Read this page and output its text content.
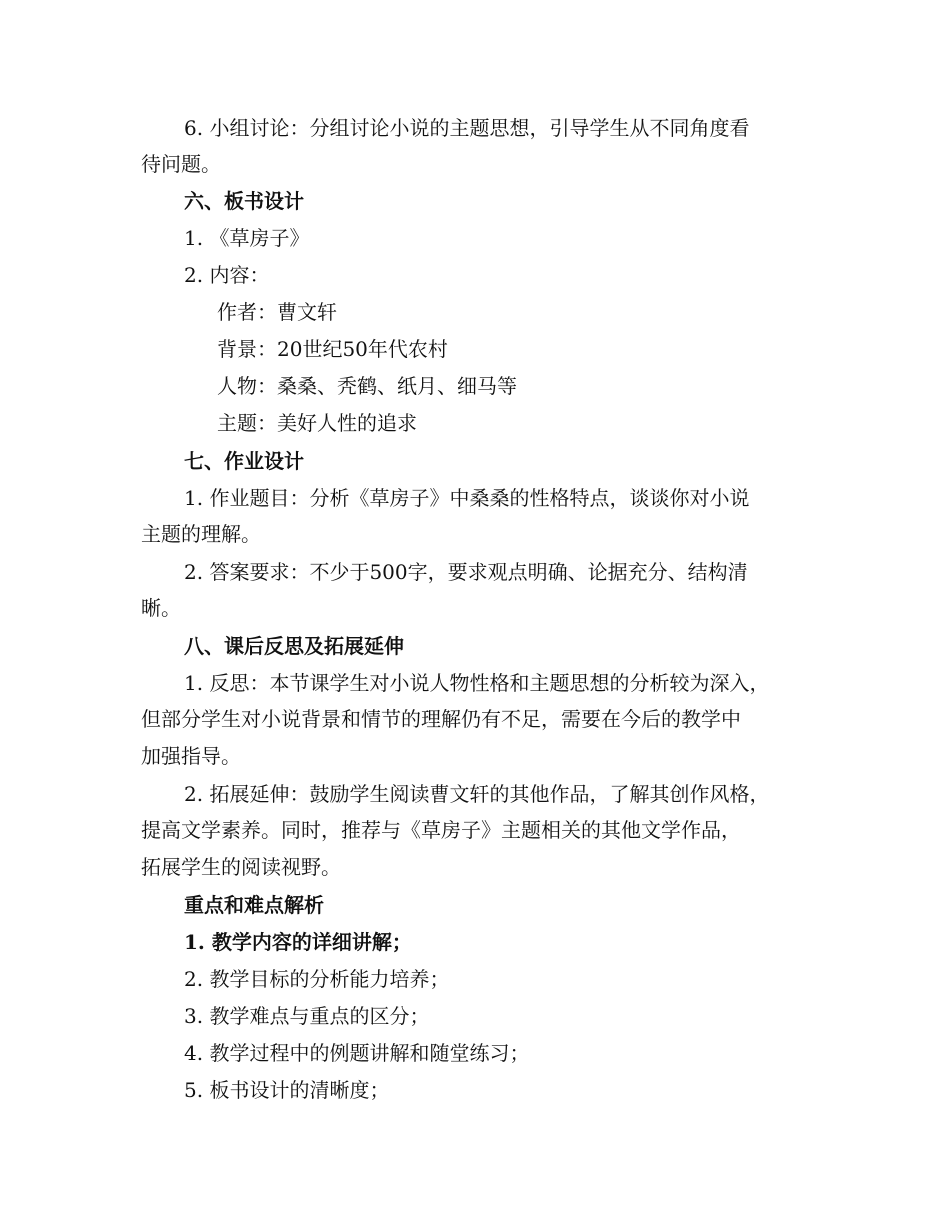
6. 小组讨论：分组讨论小说的主题思想，引导学生从不同角度看
待问题。
六、板书设计
1. 《草房子》
2. 内容：
作者：曹文轩
背景：20世纪50年代农村
人物：桑桑、秃鹤、纸月、细马等
主题：美好人性的追求
七、作业设计
1. 作业题目：分析《草房子》中桑桑的性格特点，谈谈你对小说
主题的理解。
2. 答案要求：不少于500字，要求观点明确、论据充分、结构清
晰。
八、课后反思及拓展延伸
1. 反思：本节课学生对小说人物性格和主题思想的分析较为深入，
但部分学生对小说背景和情节的理解仍有不足，需要在今后的教学中
加强指导。
2. 拓展延伸：鼓励学生阅读曹文轩的其他作品，了解其创作风格，
提高文学素养。同时，推荐与《草房子》主题相关的其他文学作品，
拓展学生的阅读视野。
重点和难点解析
1. 教学内容的详细讲解；
2. 教学目标的分析能力培养；
3. 教学难点与重点的区分；
4. 教学过程中的例题讲解和随堂练习；
5. 板书设计的清晰度；
